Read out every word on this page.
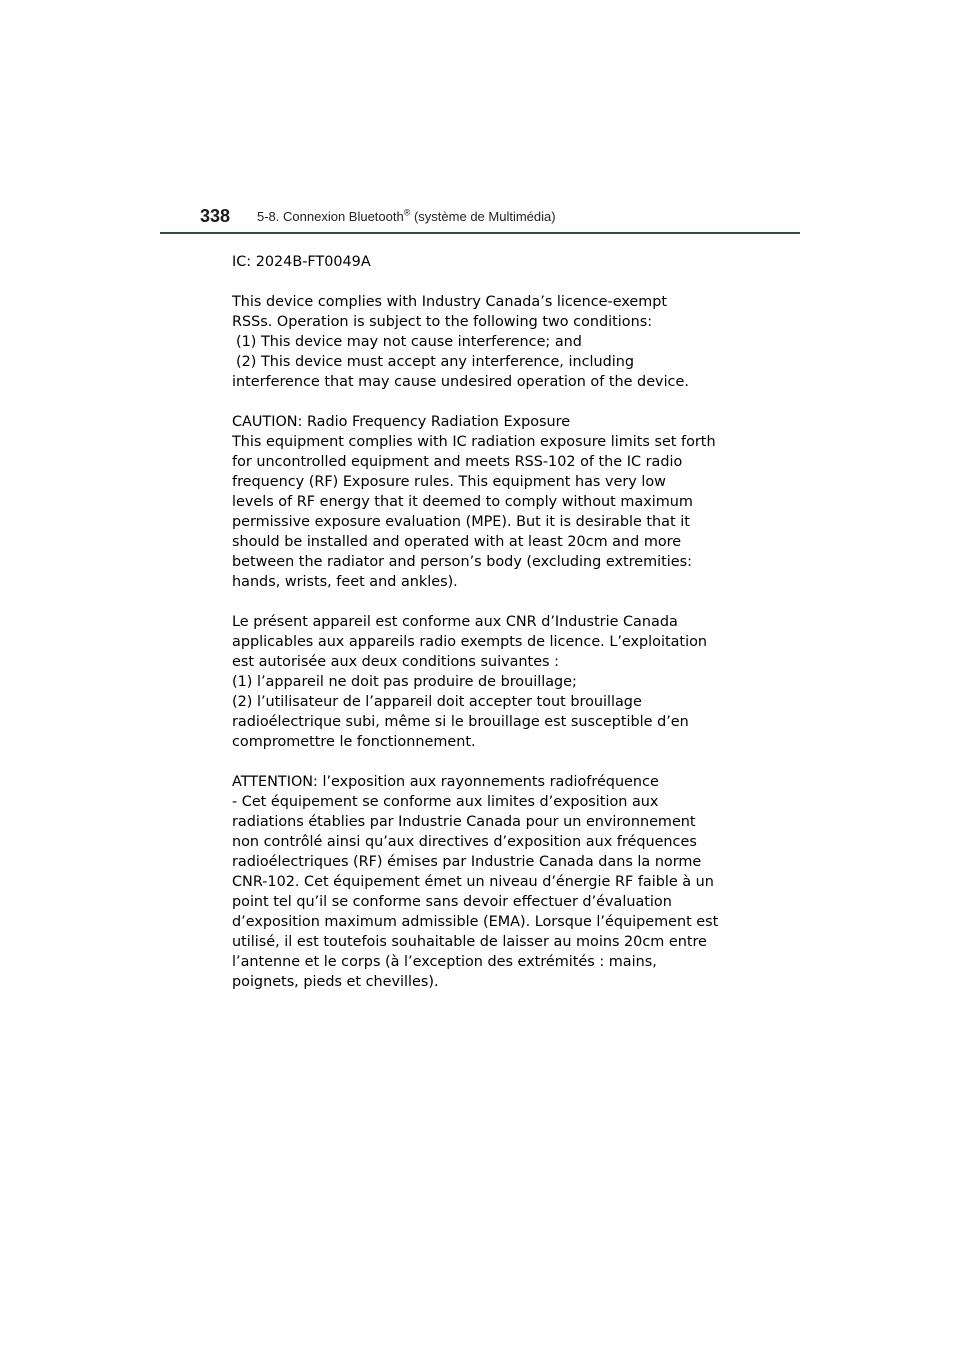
338 5-8. Connexion Bluetooth® (système de Multimédia)
IC: 2024B-FT0049A
This device complies with Industry Canada’s licence-exempt
RSSs. Operation is subject to the following two conditions:
(1) This device may not cause interference; and
(2) This device must accept any interference, including
interference that may cause undesired operation of the device.
CAUTION: Radio Frequency Radiation Exposure
This equipment complies with IC radiation exposure limits set forth
for uncontrolled equipment and meets RSS-102 of the IC radio
frequency (RF) Exposure rules. This equipment has very low
levels of RF energy that it deemed to comply without maximum
permissive exposure evaluation (MPE). But it is desirable that it
should be installed and operated with at least 20cm and more
between the radiator and person’s body (excluding extremities:
hands, wrists, feet and ankles).
Le présent appareil est conforme aux CNR d’Industrie Canada
applicables aux appareils radio exempts de licence. L’exploitation
est autorisée aux deux conditions suivantes :
(1) l’appareil ne doit pas produire de brouillage;
(2) l’utilisateur de l’appareil doit accepter tout brouillage
radioélectrique subi, même si le brouillage est susceptible d’en
compromettre le fonctionnement.
ATTENTION: l’exposition aux rayonnements radiofréquence
- Cet équipement se conforme aux limites d’exposition aux
radiations établies par Industrie Canada pour un environnement
non contrôlé ainsi qu’aux directives d’exposition aux fréquences
radioélectriques (RF) émises par Industrie Canada dans la norme
CNR-102. Cet équipement émet un niveau d’énergie RF faible à un
point tel qu’il se conforme sans devoir effectuer d’évaluation
d’exposition maximum admissible (EMA). Lorsque l’équipement est
utilisé, il est toutefois souhaitable de laisser au moins 20cm entre
l’antenne et le corps (à l’exception des extrémités : mains,
poignets, pieds et chevilles).
